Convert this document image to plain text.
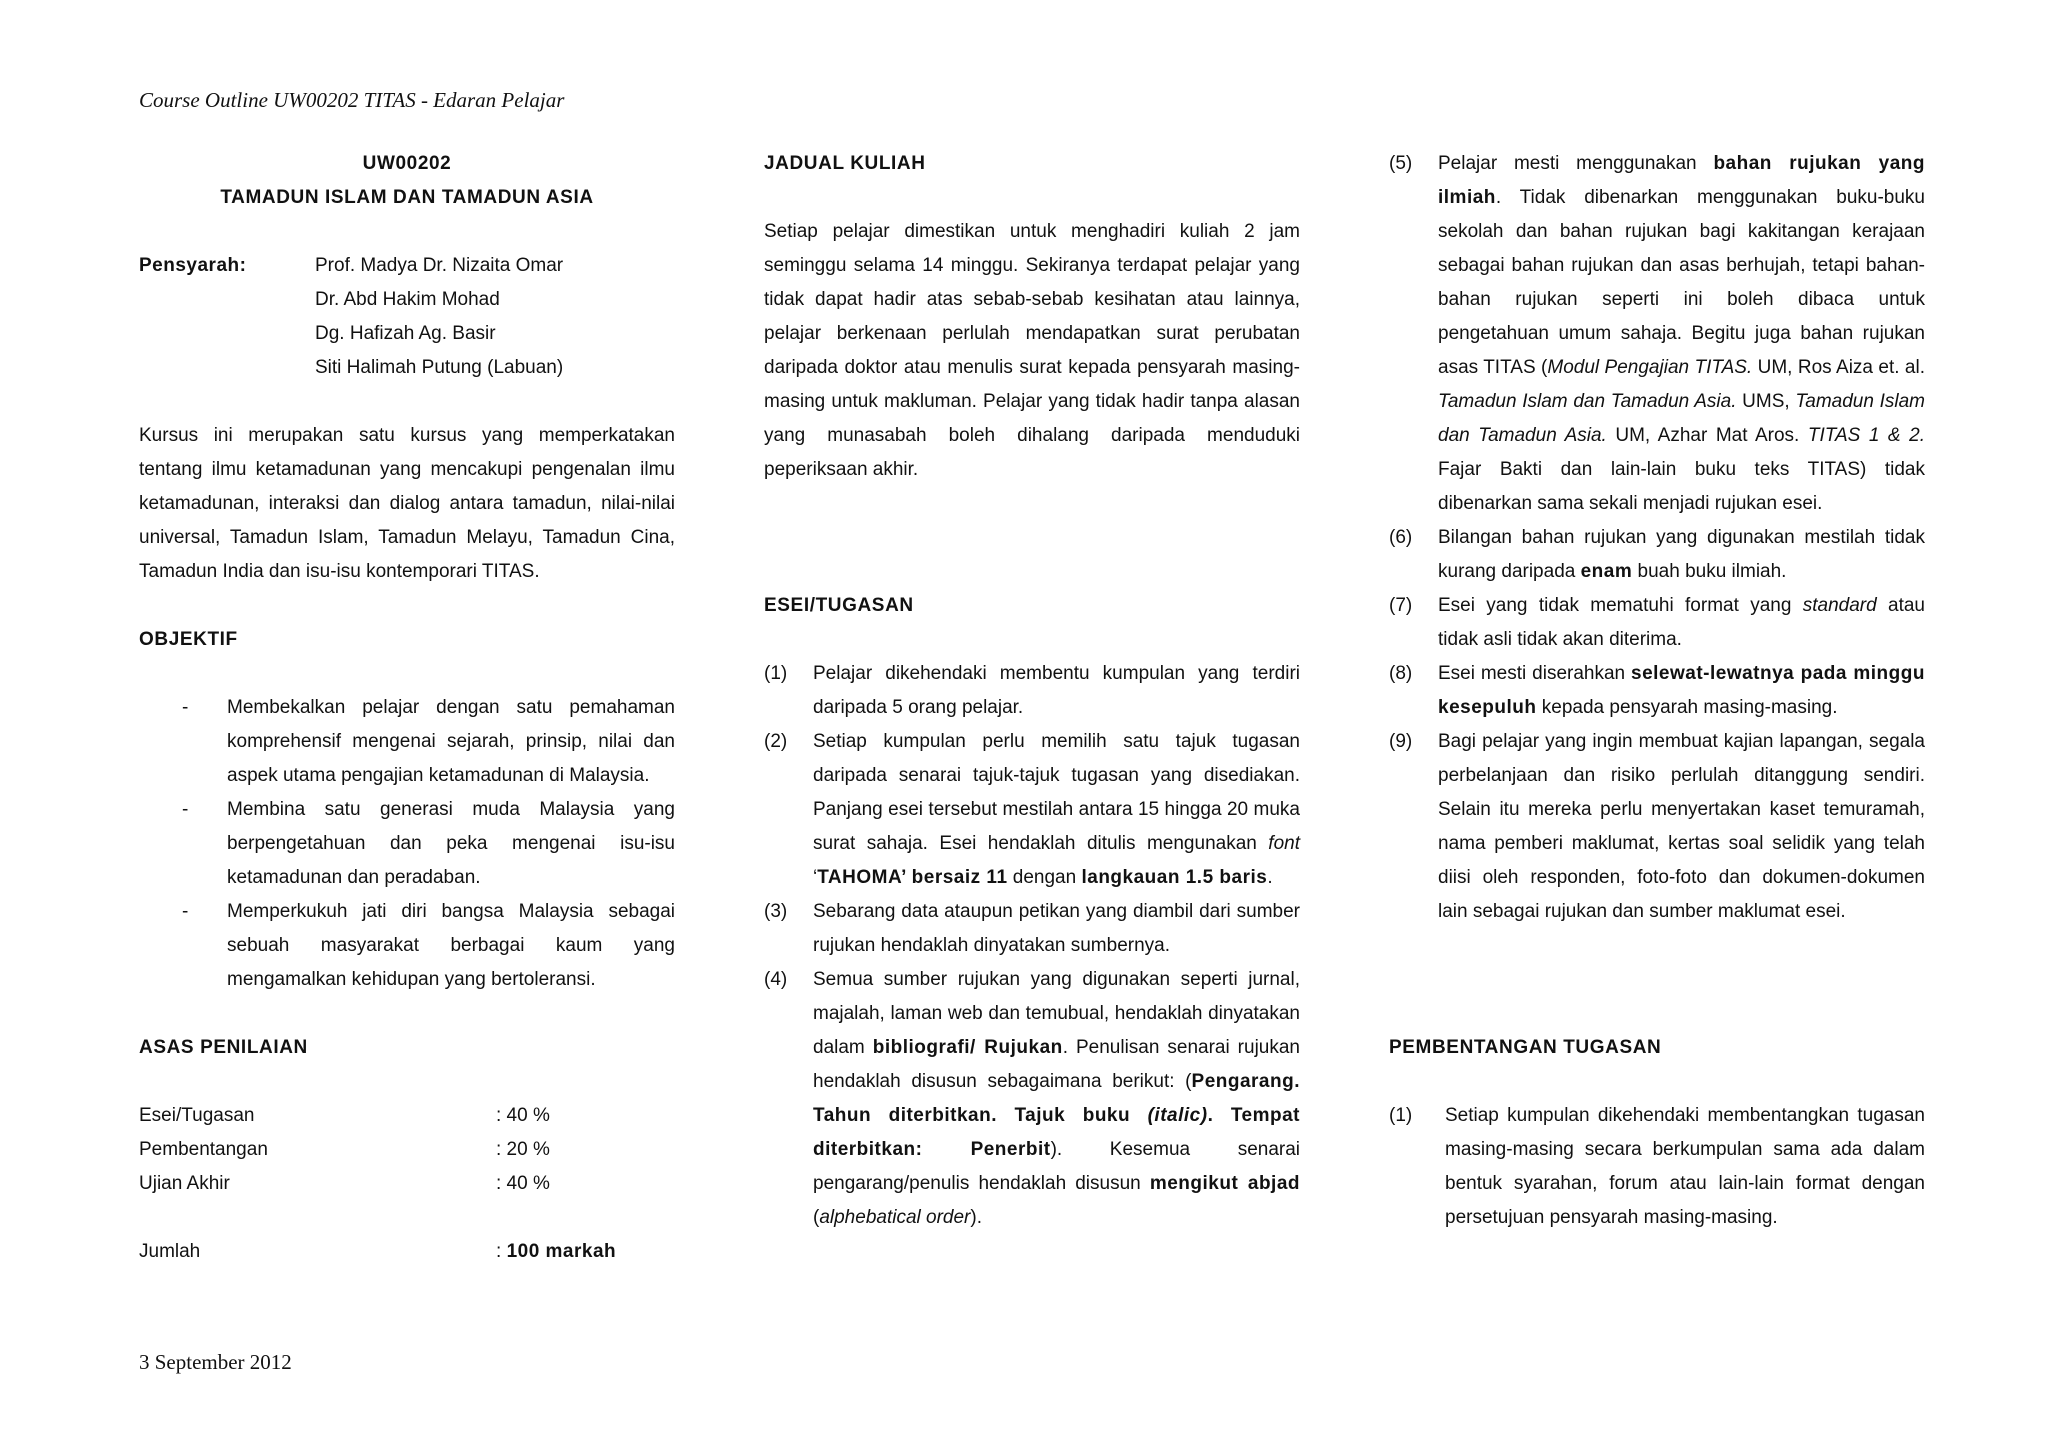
Course Outline UW00202 TITAS - Edaran Pelajar

UW00202

TAMADUN ISLAM DAN TAMADUN ASIA

Pensyarah:	Prof. Madya Dr. Nizaita Omar
Dr. Abd Hakim Mohad
Dg. Hafizah Ag. Basir
Siti Halimah Putung (Labuan)

Kursus ini merupakan satu kursus yang memperkatakan tentang ilmu ketamadunan yang mencakupi pengenalan ilmu ketamadunan, interaksi dan dialog antara tamadun, nilai-nilai universal, Tamadun Islam, Tamadun Melayu, Tamadun Cina, Tamadun India dan isu-isu kontemporari TITAS.

OBJEKTIF

-	Membekalkan pelajar dengan satu pemahaman komprehensif mengenai sejarah, prinsip, nilai dan aspek utama pengajian ketamadunan di Malaysia.
-	Membina satu generasi muda Malaysia yang berpengetahuan dan peka mengenai isu-isu ketamadunan dan peradaban.
-	Memperkukuh jati diri bangsa Malaysia sebagai sebuah masyarakat berbagai kaum yang mengamalkan kehidupan yang bertoleransi.

ASAS PENILAIAN

Esei/Tugasan	: 40 %
Pembentangan	: 20 %
Ujian Akhir	: 40 %
Jumlah	: 100 markah

JADUAL KULIAH

Setiap pelajar dimestikan untuk menghadiri kuliah 2 jam seminggu selama 14 minggu. Sekiranya terdapat pelajar yang tidak dapat hadir atas sebab-sebab kesihatan atau lainnya, pelajar berkenaan perlulah mendapatkan surat perubatan daripada doktor atau menulis surat kepada pensyarah masing-masing untuk makluman. Pelajar yang tidak hadir tanpa alasan yang munasabah boleh dihalang daripada menduduki peperiksaan akhir.

ESEI/TUGASAN

(1)	Pelajar dikehendaki membentu kumpulan yang terdiri daripada 5 orang pelajar.
(2)	Setiap kumpulan perlu memilih satu tajuk tugasan daripada senarai tajuk-tajuk tugasan yang disediakan. Panjang esei tersebut mestilah antara 15 hingga 20 muka surat sahaja. Esei hendaklah ditulis mengunakan font ‘TAHOMA’ bersaiz 11 dengan langkauan 1.5 baris.
(3)	Sebarang data ataupun petikan yang diambil dari sumber rujukan hendaklah dinyatakan sumbernya.
(4)	Semua sumber rujukan yang digunakan seperti jurnal, majalah, laman web dan temubual, hendaklah dinyatakan dalam bibliografi/ Rujukan. Penulisan senarai rujukan hendaklah disusun sebagaimana berikut: (Pengarang. Tahun diterbitkan. Tajuk buku (italic). Tempat diterbitkan: Penerbit). Kesemua senarai pengarang/penulis hendaklah disusun mengikut abjad (alphebatical order).
(5)	Pelajar mesti menggunakan bahan rujukan yang ilmiah. Tidak dibenarkan menggunakan buku-buku sekolah dan bahan rujukan bagi kakitangan kerajaan sebagai bahan rujukan dan asas berhujah, tetapi bahan-bahan rujukan seperti ini boleh dibaca untuk pengetahuan umum sahaja. Begitu juga bahan rujukan asas TITAS (Modul Pengajian TITAS. UM, Ros Aiza et. al. Tamadun Islam dan Tamadun Asia. UMS, Tamadun Islam dan Tamadun Asia. UM, Azhar Mat Aros. TITAS 1 & 2. Fajar Bakti dan lain-lain buku teks TITAS) tidak dibenarkan sama sekali menjadi rujukan esei.
(6)	Bilangan bahan rujukan yang digunakan mestilah tidak kurang daripada enam buah buku ilmiah.
(7)	Esei yang tidak mematuhi format yang standard atau tidak asli tidak akan diterima.
(8)	Esei mesti diserahkan selewat-lewatnya pada minggu kesepuluh kepada pensyarah masing-masing.
(9)	Bagi pelajar yang ingin membuat kajian lapangan, segala perbelanjaan dan risiko perlulah ditanggung sendiri. Selain itu mereka perlu menyertakan kaset temuramah, nama pemberi maklumat, kertas soal selidik yang telah diisi oleh responden, foto-foto dan dokumen-dokumen lain sebagai rujukan dan sumber maklumat esei.

PEMBENTANGAN TUGASAN

(1)	Setiap kumpulan dikehendaki membentangkan tugasan masing-masing secara berkumpulan sama ada dalam bentuk syarahan, forum atau lain-lain format dengan persetujuan pensyarah masing-masing.
3 September 2012
